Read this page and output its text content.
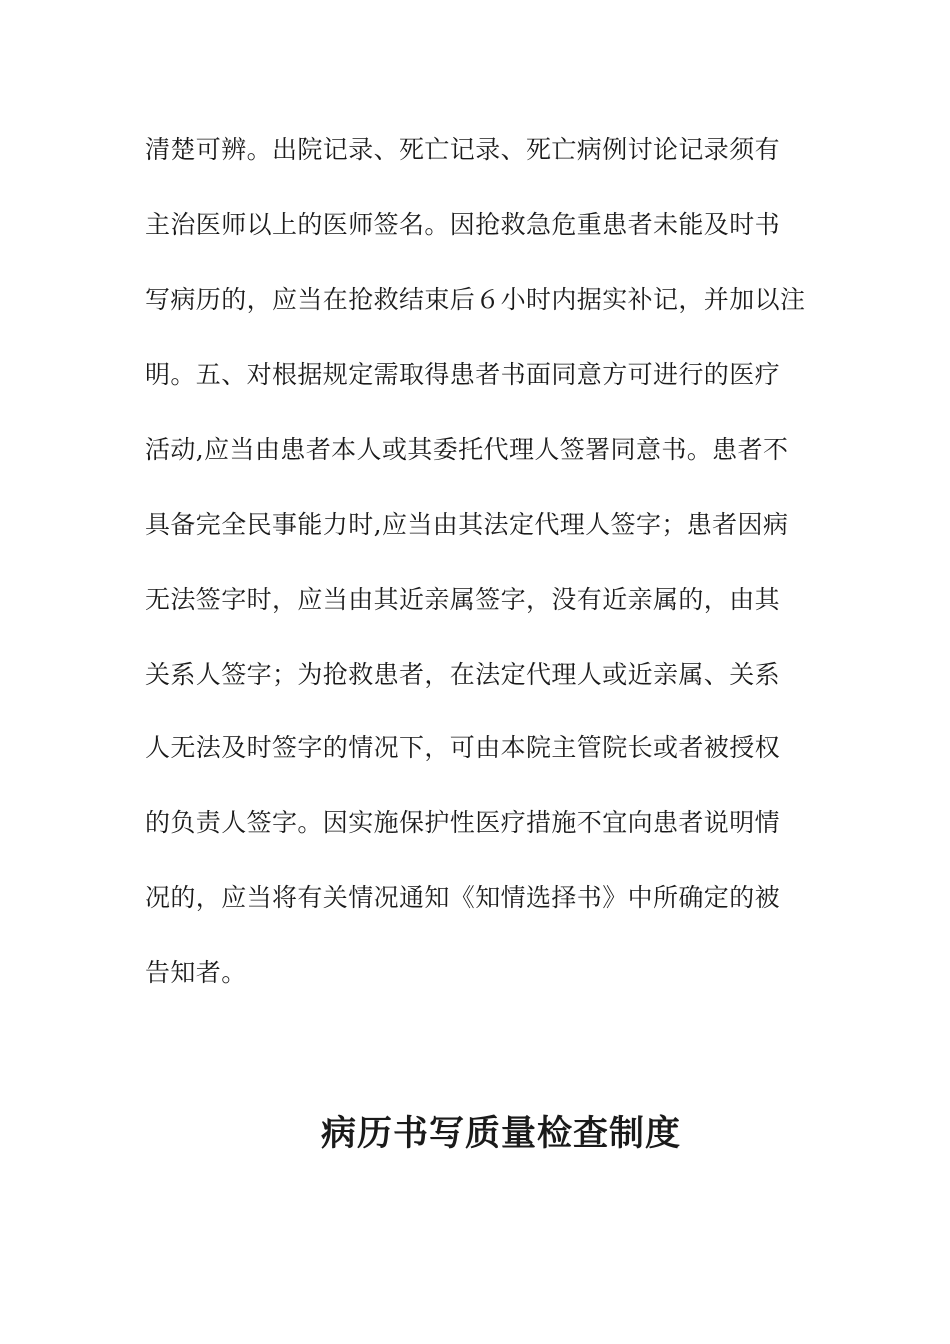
清楚可辨。出院记录、死亡记录、死亡病例讨论记录须有
主治医师以上的医师签名。因抢救急危重患者未能及时书
写病历的，应当在抢救结束后６小时内据实补记，并加以注
明。五、对根据规定需取得患者书面同意方可进行的医疗
活动,应当由患者本人或其委托代理人签署同意书。患者不
具备完全民事能力时,应当由其法定代理人签字；患者因病
无法签字时，应当由其近亲属签字，没有近亲属的，由其
关系人签字；为抢救患者，在法定代理人或近亲属、关系
人无法及时签字的情况下，可由本院主管院长或者被授权
的负责人签字。因实施保护性医疗措施不宜向患者说明情
况的，应当将有关情况通知《知情选择书》中所确定的被
告知者。
病历书写质量检查制度
